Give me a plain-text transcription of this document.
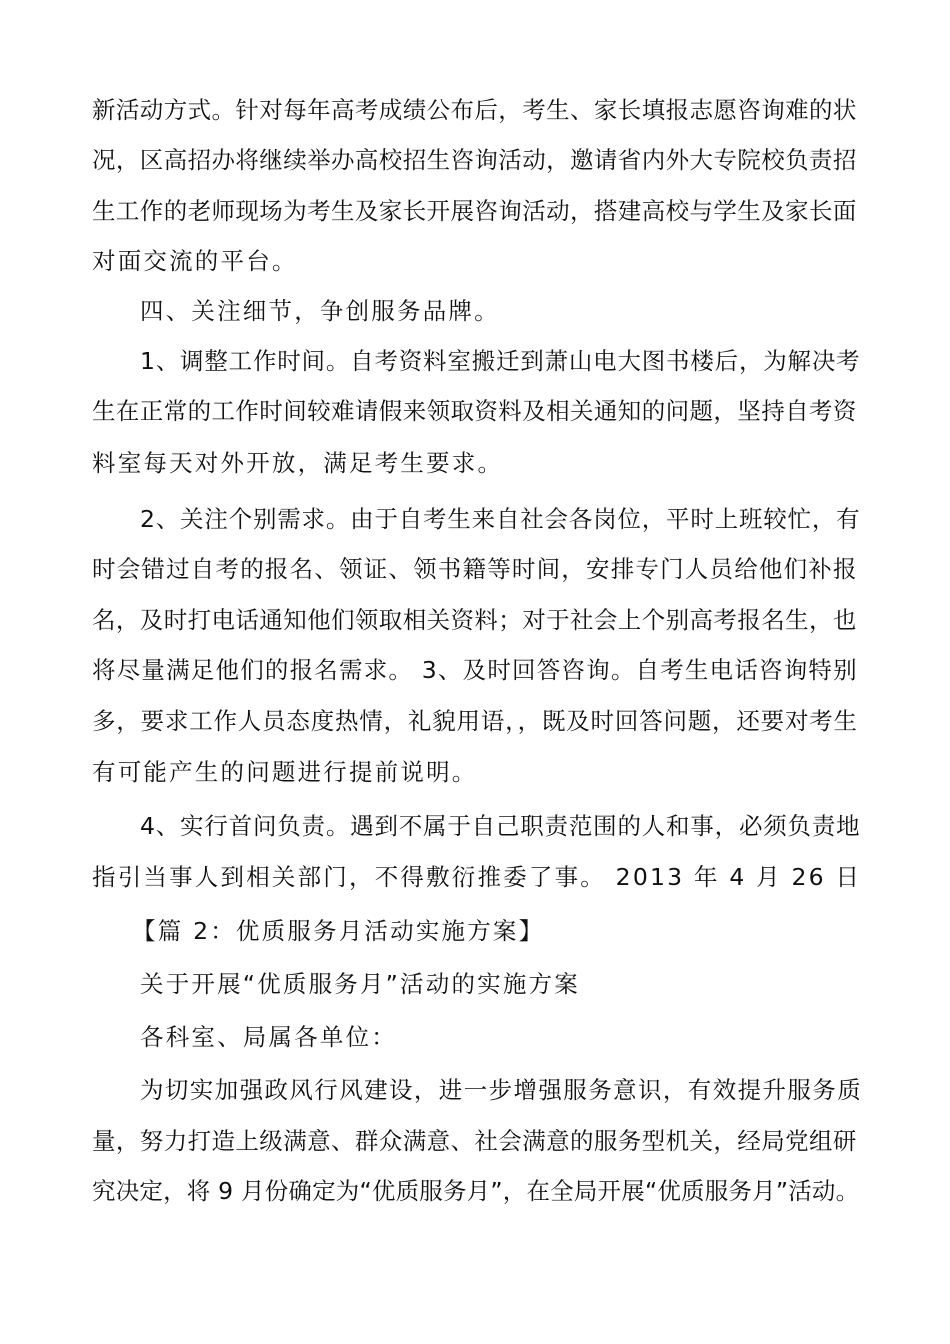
新活动方式。针对每年高考成绩公布后，考生、家长填报志愿咨询难的状
况，区高招办将继续举办高校招生咨询活动，邀请省内外大专院校负责招
生工作的老师现场为考生及家长开展咨询活动，搭建高校与学生及家长面
对面交流的平台。
四、关注细节，争创服务品牌。
1、调整工作时间。自考资料室搬迁到萧山电大图书楼后，为解决考
生在正常的工作时间较难请假来领取资料及相关通知的问题，坚持自考资
料室每天对外开放，满足考生要求。
2、关注个别需求。由于自考生来自社会各岗位，平时上班较忙，有
时会错过自考的报名、领证、领书籍等时间，安排专门人员给他们补报
名，及时打电话通知他们领取相关资料；对于社会上个别高考报名生，也
将尽量满足他们的报名需求。 3、及时回答咨询。自考生电话咨询特别
多，要求工作人员态度热情，礼貌用语，，既及时回答问题，还要对考生
有可能产生的问题进行提前说明。
4、实行首问负责。遇到不属于自己职责范围的人和事，必须负责地
指引当事人到相关部门，不得敷衍推委了事。 2013 年 4 月 26 日
【篇 2：优质服务月活动实施方案】
关于开展“优质服务月”活动的实施方案
各科室、局属各单位：
为切实加强政风行风建设，进一步增强服务意识，有效提升服务质
量，努力打造上级满意、群众满意、社会满意的服务型机关，经局党组研
究决定，将 9 月份确定为“优质服务月”，在全局开展“优质服务月”活动。
